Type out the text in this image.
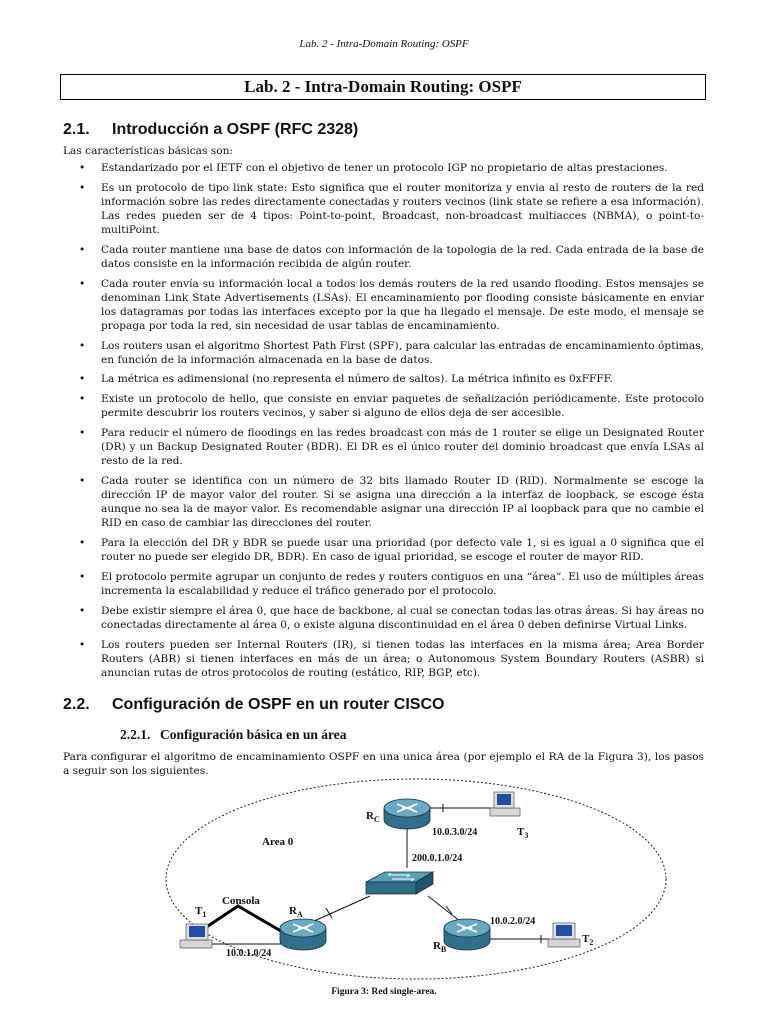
Lab. 2 - Intra-Domain Routing: OSPF
Lab. 2 - Intra-Domain Routing: OSPF
2.1. Introducción a OSPF (RFC 2328)
Las características básicas son:
• Estandarizado por el IETF con el objetivo de tener un protocolo IGP no propietario de altas prestaciones.
• Es un protocolo de tipo link state: Esto significa que el router monitoriza y envia al resto de routers de la red información sobre las redes directamente conectadas y routers vecinos (link state se refiere a esa información). Las redes pueden ser de 4 tipos: Point-to-point, Broadcast, non-broadcast multiacces (NBMA), o point-to-multiPoint.
• Cada router mantiene una base de datos con información de la topologia de la red. Cada entrada de la base de datos consiste en la información recibida de algún router.
• Cada router envía su información local a todos los demás routers de la red usando flooding. Estos mensajes se denominan Link State Advertisements (LSAs). El encaminamiento por flooding consiste básicamente en enviar los datagramas por todas las interfaces excepto por la que ha llegado el mensaje. De este modo, el mensaje se propaga por toda la red, sin necesidad de usar tablas de encaminamiento.
• Los routers usan el algoritmo Shortest Path First (SPF), para calcular las entradas de encaminamiento óptimas, en función de la información almacenada en la base de datos.
• La métrica es adimensional (no representa el número de saltos). La métrica infinito es 0xFFFF.
• Existe un protocolo de hello, que consiste en enviar paquetes de señalización periódicamente. Este protocolo permite descubrir los routers vecinos, y saber si alguno de ellos deja de ser accesible.
• Para reducir el número de floodings en las redes broadcast con más de 1 router se elige un Designated Router (DR) y un Backup Designated Router (BDR). El DR es el único router del dominio broadcast que envía LSAs al resto de la red.
• Cada router se identifica con un número de 32 bits llamado Router ID (RID). Normalmente se escoge la dirección IP de mayor valor del router. Si se asigna una dirección a la interfaz de loopback, se escoge ésta aunque no sea la de mayor valor. Es recomendable asignar una dirección IP al loopback para que no cambie el RID en caso de cambiar las direcciones del router.
• Para la elección del DR y BDR se puede usar una prioridad (por defecto vale 1, si es igual a 0 significa que el router no puede ser elegido DR, BDR). En caso de igual prioridad, se escoge el router de mayor RID.
• El protocolo permite agrupar un conjunto de redes y routers contiguos en una “área”. El uso de múltiples áreas incrementa la escalabilidad y reduce el tráfico generado por el protocolo.
• Debe existir siempre el área 0, que hace de backbone, al cual se conectan todas las otras áreas. Si hay áreas no conectadas directamente al área 0, o existe alguna discontinuidad en el área 0 deben definirse Virtual Links.
• Los routers pueden ser Internal Routers (IR), si tienen todas las interfaces en la misma área; Area Border Routers (ABR) si tienen interfaces en más de un área; o Autonomous System Boundary Routers (ASBR) si anuncian rutas de otros protocolos de routing (estático, RIP, BGP, etc).
2.2. Configuración de OSPF en un router CISCO
2.2.1. Configuración básica en un área
Para configurar el algoritmo de encaminamiento OSPF en una unica área (por ejemplo el RA de la Figura 3), los pasos a seguir son los siguientes.
Area 0
Consola
$R_C$
$R_A$
$R_B$
$T_3$
$T_2$
$T_1$
10.0.3.0/24
200.0.1.0/24
10.0.2.0/24
10.0.1.0/24
Figura 3: Red single-area.
